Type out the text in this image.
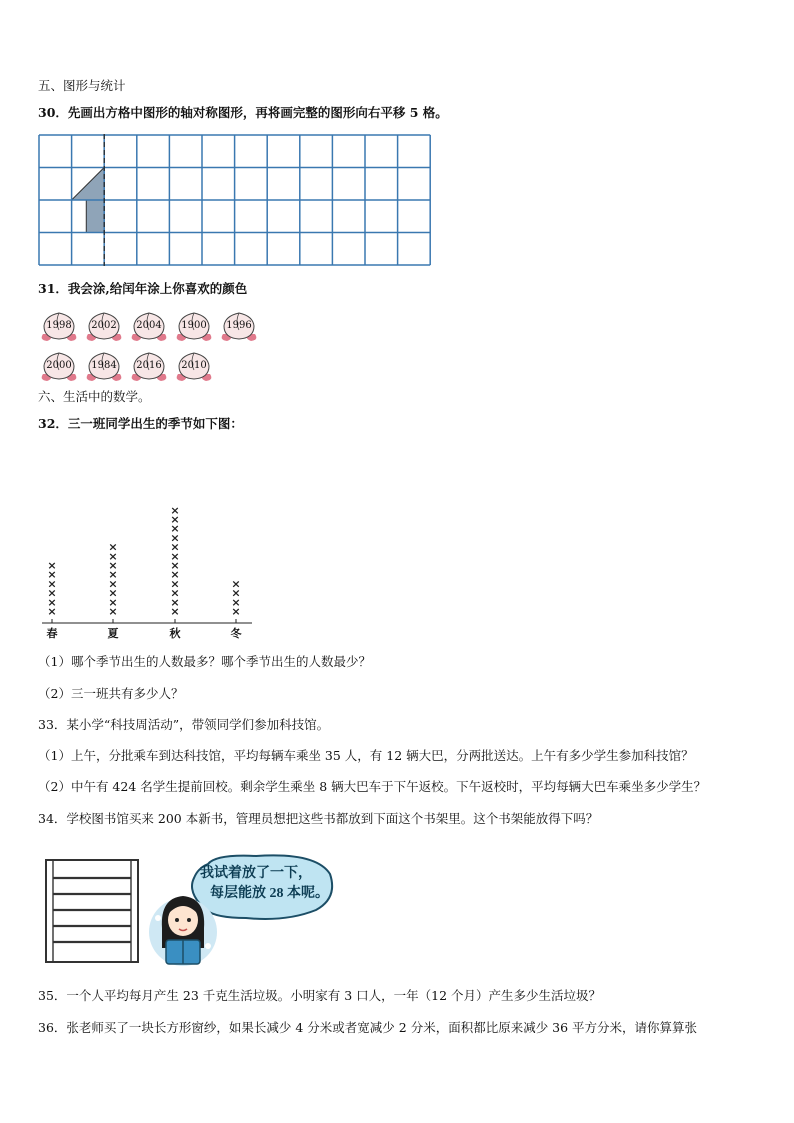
五、图形与统计
30．先画出方格中图形的轴对称图形，再将画完整的图形向右平移 5 格。
31．我会涂,给闰年涂上你喜欢的颜色
1998	2002	2004	1900	1996
2000	1984	2016	2010
六、生活中的数学。
32．三一班同学出生的季节如下图：
春
×
×
×
×
×
×
夏
×
×
×
×
×
×
×
×
秋
×
×
×
×
×
×
×
×
×
×
×
×
冬
×
×
×
×
（1）哪个季节出生的人数最多？哪个季节出生的人数最少？
（2）三一班共有多少人？
33．某小学“科技周活动”，带领同学们参加科技馆。
（1）上午，分批乘车到达科技馆，平均每辆车乘坐 35 人，有 12 辆大巴，分两批送达。上午有多少学生参加科技馆？
（2）中午有 424 名学生提前回校。剩余学生乘坐 8 辆大巴车于下午返校。下午返校时，平均每辆大巴车乘坐多少学生？
34．学校图书馆买来 200 本新书，管理员想把这些书都放到下面这个书架里。这个书架能放得下吗？
我试着放了一下，
每层能放 28 本呢。
35．一个人平均每月产生 23 千克生活垃圾。小明家有 3 口人，一年（12 个月）产生多少生活垃圾？
36．张老师买了一块长方形窗纱，如果长减少 4 分米或者宽减少 2 分米，面积都比原来减少 36 平方分米，请你算算张
